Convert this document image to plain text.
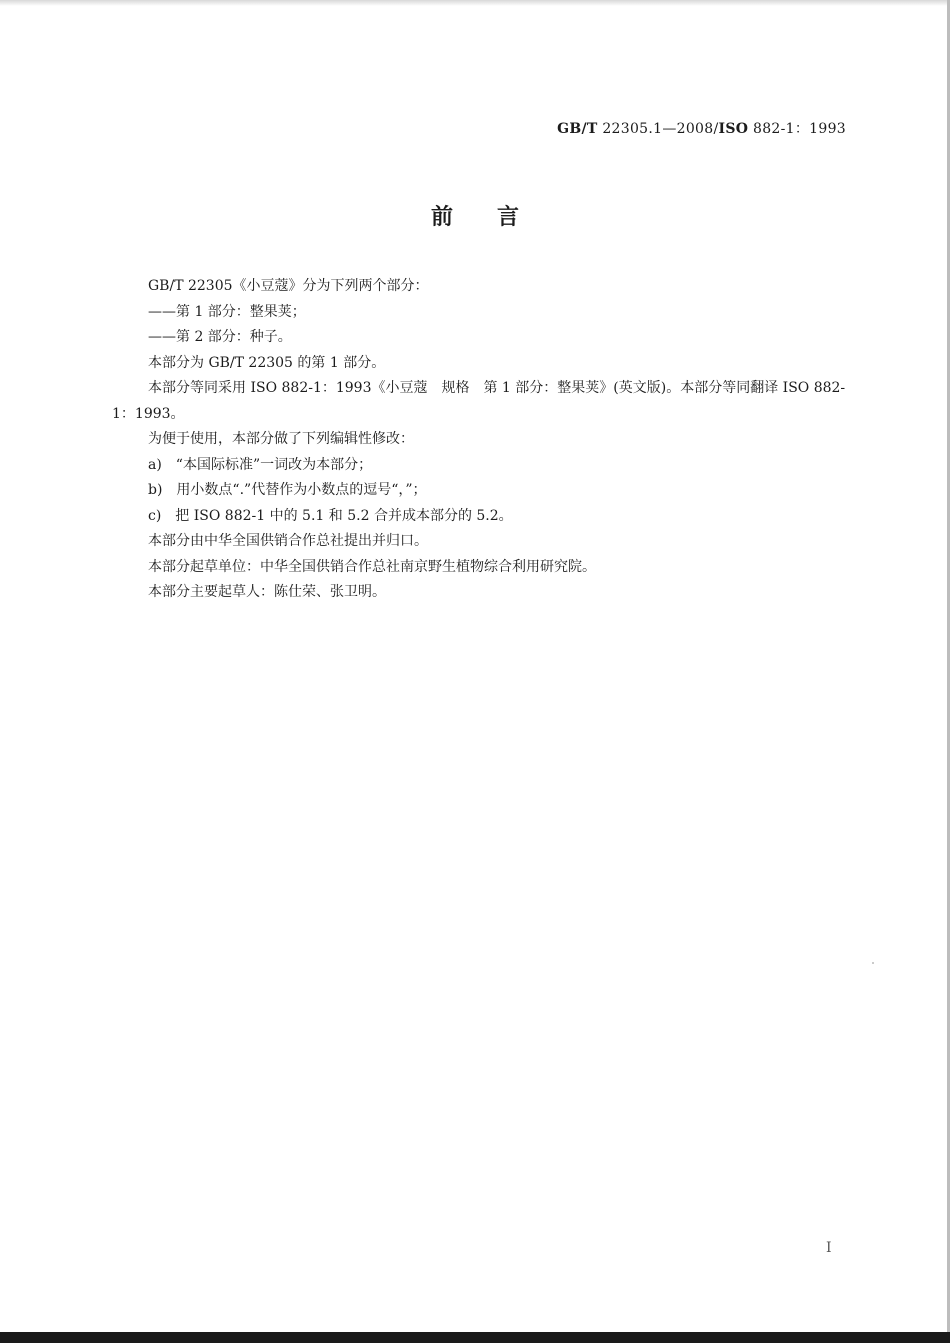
GB/T 22305.1—2008/ISO 882-1：1993
前言

GB/T 22305《小豆蔻》分为下列两个部分：

——第 1 部分：整果荚；

——第 2 部分：种子。

本部分为 GB/T 22305 的第 1 部分。

本部分等同采用 ISO 882-1：1993《小豆蔻　规格　第 1 部分：整果荚》(英文版)。本部分等同翻译 ISO 882-1：1993。

为便于使用，本部分做了下列编辑性修改：

a)　“本国际标准”一词改为本部分；

b)　用小数点“.”代替作为小数点的逗号“，”；

c)　把 ISO 882-1 中的 5.1 和 5.2 合并成本部分的 5.2。

本部分由中华全国供销合作总社提出并归口。

本部分起草单位：中华全国供销合作总社南京野生植物综合利用研究院。

本部分主要起草人：陈仕荣、张卫明。

I
